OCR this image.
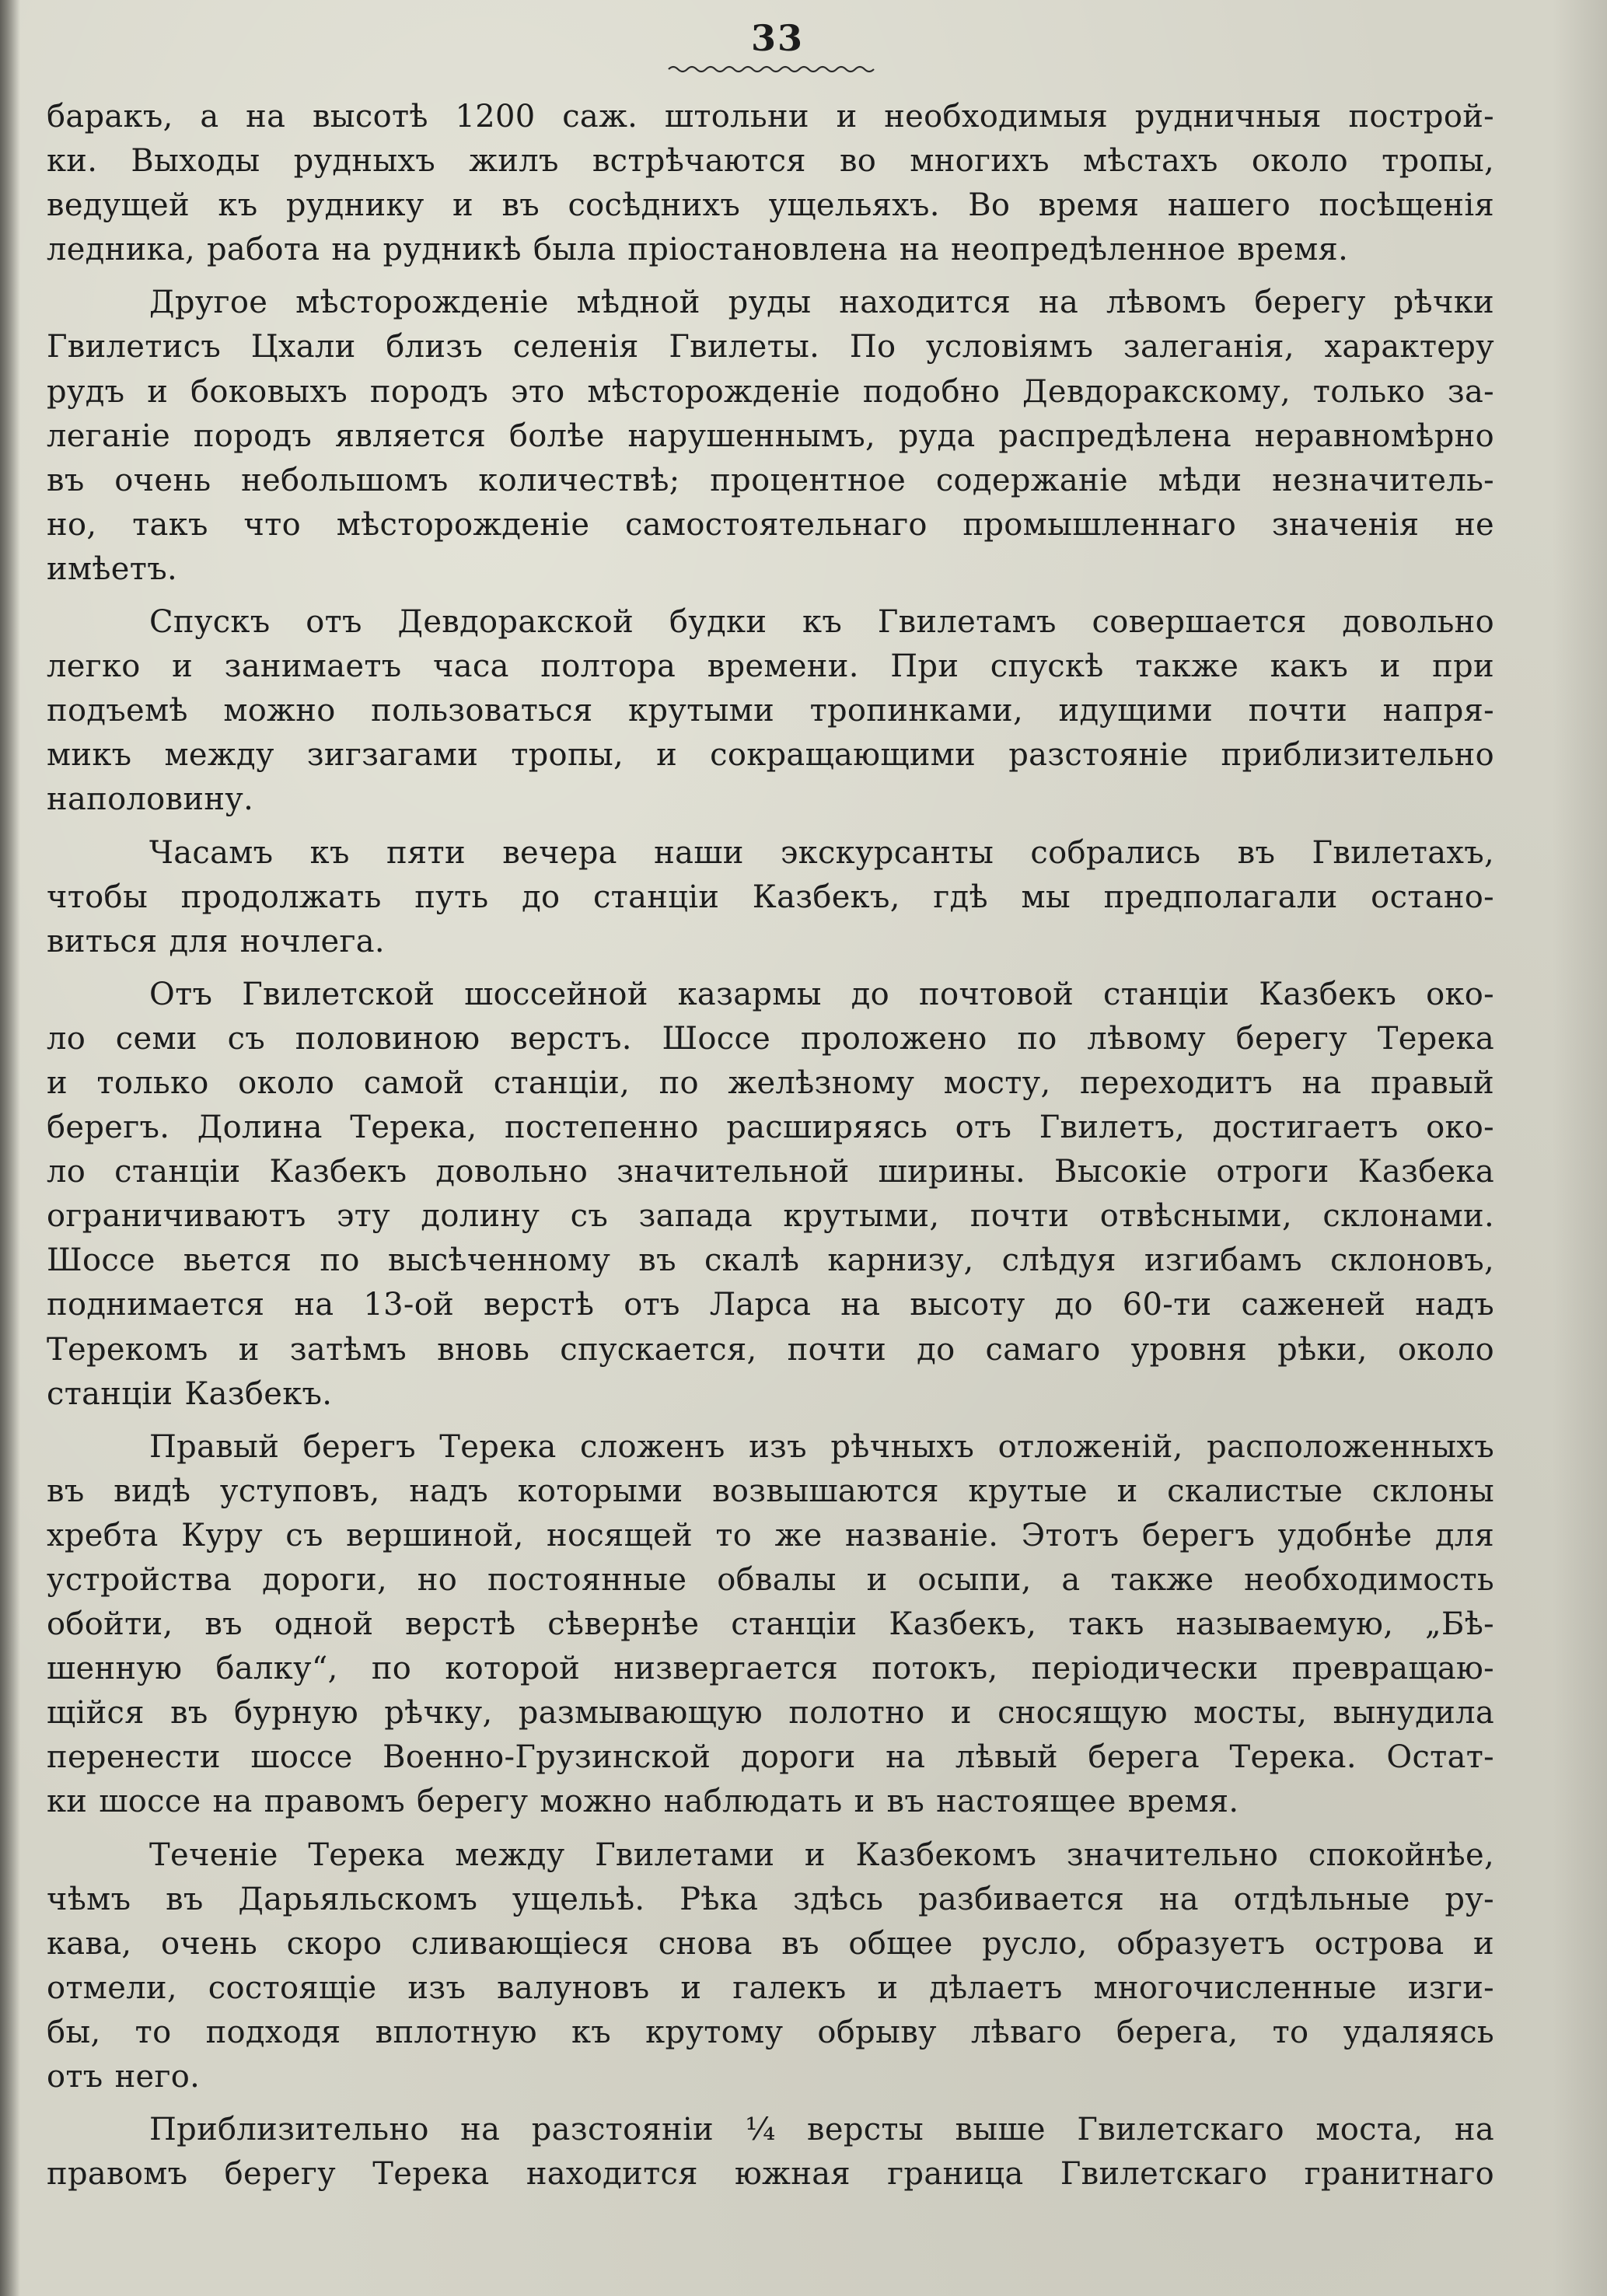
33
баракъ, а на высотѣ 1200 саж. штольни и необходимыя рудничныя построй-
ки. Выходы рудныхъ жилъ встрѣчаются во многихъ мѣстахъ около тропы,
ведущей къ руднику и въ сосѣднихъ ущельяхъ. Во время нашего посѣщенія
ледника, работа на рудникѣ была пріостановлена на неопредѣленное время.
Другое мѣсторожденіе мѣдной руды находится на лѣвомъ берегу рѣчки
Гвилетисъ Цхали близъ селенія Гвилеты. По условіямъ залеганія, характеру
рудъ и боковыхъ породъ это мѣсторожденіе подобно Девдоракскому, только за-
леганіе породъ является болѣе нарушеннымъ, руда распредѣлена неравномѣрно
въ очень небольшомъ количествѣ; процентное содержаніе мѣди незначитель-
но, такъ что мѣсторожденіе самостоятельнаго промышленнаго значенія не
имѣетъ.
Спускъ отъ Девдоракской будки къ Гвилетамъ совершается довольно
легко и занимаетъ часа полтора времени. При спускѣ также какъ и при
подъемѣ можно пользоваться крутыми тропинками, идущими почти напря-
микъ между зигзагами тропы, и сокращающими разстояніе приблизительно
наполовину.
Часамъ къ пяти вечера наши экскурсанты собрались въ Гвилетахъ,
чтобы продолжать путь до станціи Казбекъ, гдѣ мы предполагали остано-
виться для ночлега.
Отъ Гвилетской шоссейной казармы до почтовой станціи Казбекъ око-
ло семи съ половиною верстъ. Шоссе проложено по лѣвому берегу Терека
и только около самой станціи, по желѣзному мосту, переходитъ на правый
берегъ. Долина Терека, постепенно расширяясь отъ Гвилетъ, достигаетъ око-
ло станціи Казбекъ довольно значительной ширины. Высокіе отроги Казбека
ограничиваютъ эту долину съ запада крутыми, почти отвѣсными, склонами.
Шоссе вьется по высѣченному въ скалѣ карнизу, слѣдуя изгибамъ склоновъ,
поднимается на 13-ой верстѣ отъ Ларса на высоту до 60-ти саженей надъ
Терекомъ и затѣмъ вновь спускается, почти до самаго уровня рѣки, около
станціи Казбекъ.
Правый берегъ Терека сложенъ изъ рѣчныхъ отложеній, расположенныхъ
въ видѣ уступовъ, надъ которыми возвышаются крутые и скалистые склоны
хребта Куру съ вершиной, носящей то же названіе. Этотъ берегъ удобнѣе для
устройства дороги, но постоянные обвалы и осыпи, а также необходимость
обойти, въ одной верстѣ сѣвернѣе станціи Казбекъ, такъ называемую, „Бѣ-
шенную балку“, по которой низвергается потокъ, періодически превращаю-
щійся въ бурную рѣчку, размывающую полотно и сносящую мосты, вынудила
перенести шоссе Военно-Грузинской дороги на лѣвый берега Терека. Остат-
ки шоссе на правомъ берегу можно наблюдать и въ настоящее время.
Теченіе Терека между Гвилетами и Казбекомъ значительно спокойнѣе,
чѣмъ въ Дарьяльскомъ ущельѣ. Рѣка здѣсь разбивается на отдѣльные ру-
кава, очень скоро сливающіеся снова въ общее русло, образуетъ острова и
отмели, состоящіе изъ валуновъ и галекъ и дѣлаетъ многочисленные изги-
бы, то подходя вплотную къ крутому обрыву лѣваго берега, то удаляясь
отъ него.
Приблизительно на разстояніи ¼ версты выше Гвилетскаго моста, на
правомъ берегу Терека находится южная граница Гвилетскаго гранитнаго
